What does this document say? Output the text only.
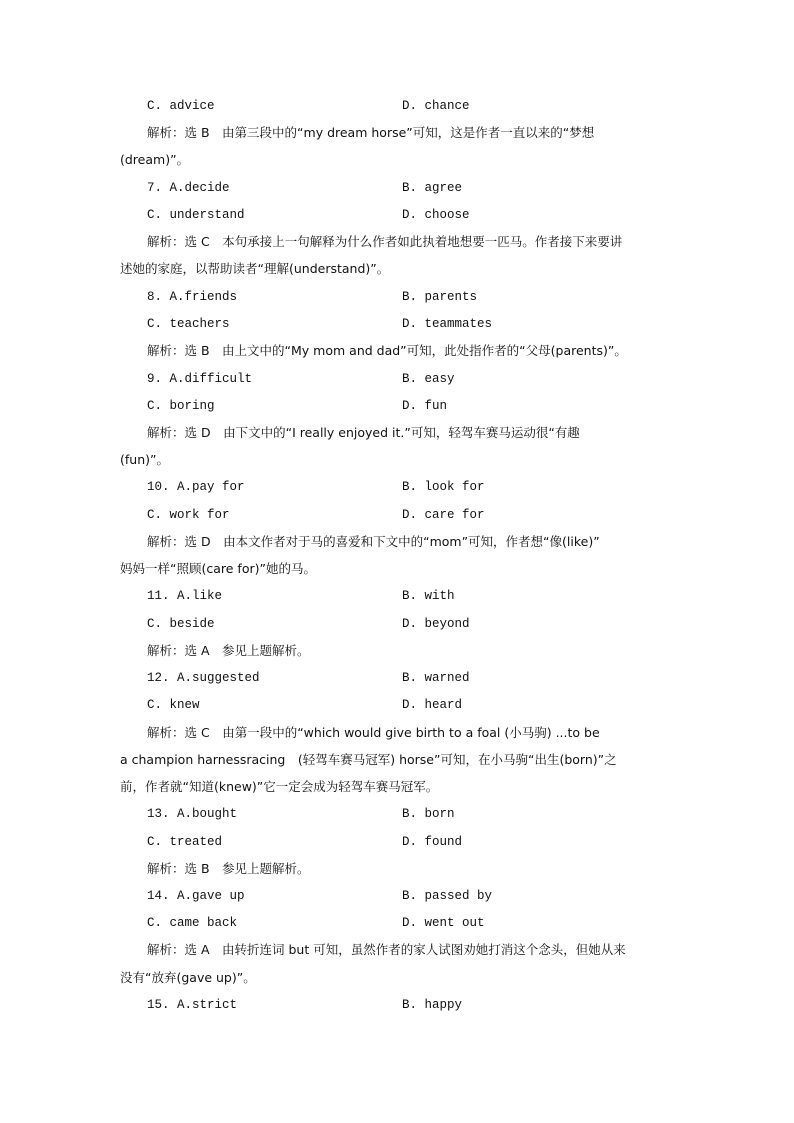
C. advice	D. chance
解析：选 B　由第三段中的“my dream horse”可知，这是作者一直以来的“梦想
(dream)”。
7. A.decide	B. agree
C. understand	D. choose
解析：选 C　本句承接上一句解释为什么作者如此执着地想要一匹马。作者接下来要讲
述她的家庭，以帮助读者“理解(understand)”。
8. A.friends	B. parents
C. teachers	D. teammates
解析：选 B　由上文中的“My mom and dad”可知，此处指作者的“父母(parents)”。
9. A.difficult	B. easy
C. boring	D. fun
解析：选 D　由下文中的“I really enjoyed it.”可知，轻驾车赛马运动很“有趣
(fun)”。
10. A.pay for	B. look for
C. work for	D. care for
解析：选 D　由本文作者对于马的喜爱和下文中的“mom”可知，作者想“像(like)”
妈妈一样“照顾(care for)”她的马。
11. A.like	B. with
C. beside	D. beyond
解析：选 A　参见上题解析。
12. A.suggested	B. warned
C. knew	D. heard
解析：选 C　由第一段中的“which would give birth to a foal (小马驹) ...to be
a champion harnessracing　(轻驾车赛马冠军) horse”可知，在小马驹“出生(born)”之
前，作者就“知道(knew)”它一定会成为轻驾车赛马冠军。
13. A.bought	B. born
C. treated	D. found
解析：选 B　参见上题解析。
14. A.gave up	B. passed by
C. came back	D. went out
解析：选 A　由转折连词 but 可知，虽然作者的家人试图劝她打消这个念头，但她从来
没有“放弃(gave up)”。
15. A.strict	B. happy
